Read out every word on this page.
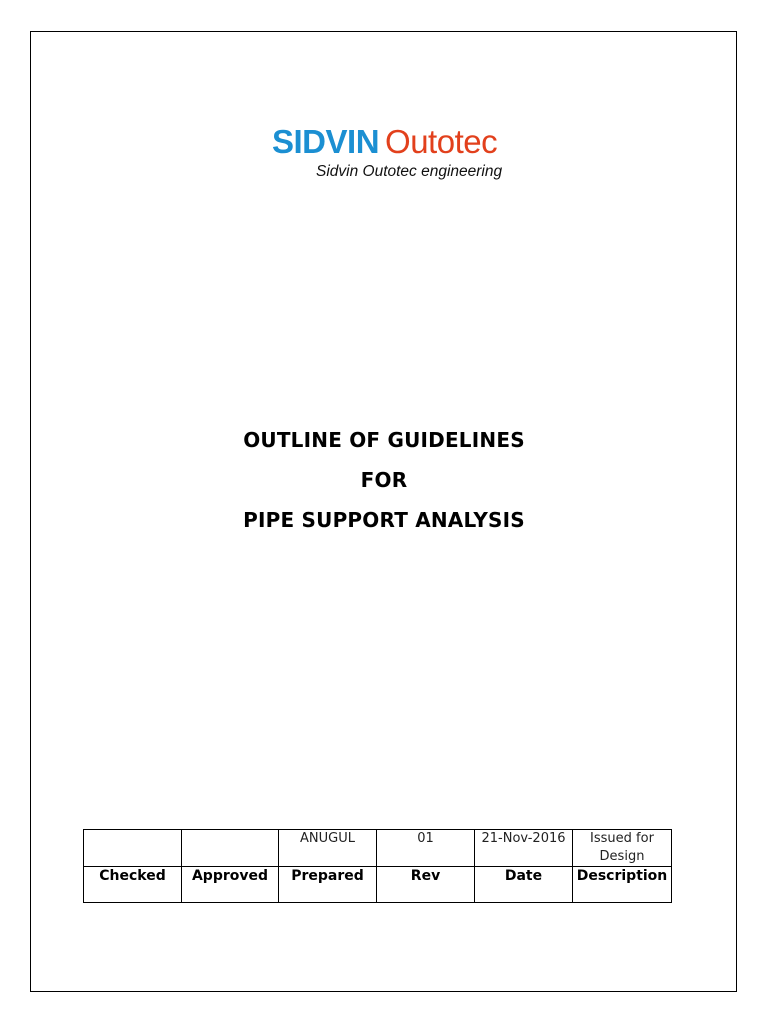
SIDVIN Outotec
Sidvin Outotec engineering
OUTLINE OF GUIDELINES
FOR
PIPE SUPPORT ANALYSIS
		ANUGUL	01	21-Nov-2016	Issued for Design
Checked	Approved	Prepared	Rev	Date	Description
